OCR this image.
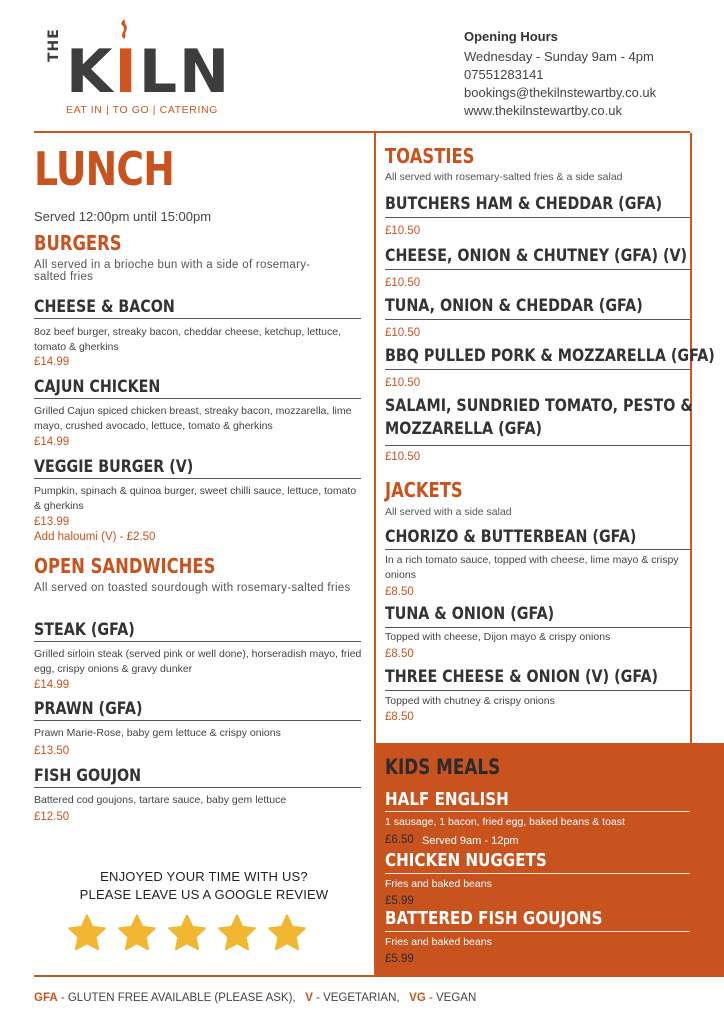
THE KILN
EAT IN | TO GO | CATERING
Opening Hours
Wednesday - Sunday 9am - 4pm
07551283141
bookings@thekilnstewartby.co.uk
www.thekilnstewartby.co.uk
LUNCH
Served 12:00pm until 15:00pm
BURGERS
All served in a brioche bun with a side of rosemary-salted fries
CHEESE & BACON
8oz beef burger, streaky bacon, cheddar cheese, ketchup, lettuce, tomato & gherkins
£14.99
CAJUN CHICKEN
Grilled Cajun spiced chicken breast, streaky bacon, mozzarella, lime mayo, crushed avocado, lettuce, tomato & gherkins
£14.99
VEGGIE BURGER (V)
Pumpkin, spinach & quinoa burger, sweet chilli sauce, lettuce, tomato & gherkins
£13.99
Add haloumi (V) - £2.50
OPEN SANDWICHES
All served on toasted sourdough with rosemary-salted fries
STEAK (GFA)
Grilled sirloin steak (served pink or well done), horseradish mayo, fried egg, crispy onions & gravy dunker
£14.99
PRAWN (GFA)
Prawn Marie-Rose, baby gem lettuce & crispy onions
£13.50
FISH GOUJON
Battered cod goujons, tartare sauce, baby gem lettuce
£12.50
ENJOYED YOUR TIME WITH US?
PLEASE LEAVE US A GOOGLE REVIEW
TOASTIES
All served with rosemary-salted fries & a side salad
BUTCHERS HAM & CHEDDAR (GFA)
£10.50
CHEESE, ONION & CHUTNEY (GFA) (V)
£10.50
TUNA, ONION & CHEDDAR (GFA)
£10.50
BBQ PULLED PORK & MOZZARELLA (GFA)
£10.50
SALAMI, SUNDRIED TOMATO, PESTO &
MOZZARELLA (GFA)
£10.50
JACKETS
All served with a side salad
CHORIZO & BUTTERBEAN (GFA)
In a rich tomato sauce, topped with cheese, lime mayo & crispy onions
£8.50
TUNA & ONION (GFA)
Topped with cheese, Dijon mayo & crispy onions
£8.50
THREE CHEESE & ONION (V) (GFA)
Topped with chutney & crispy onions
£8.50
KIDS MEALS
HALF ENGLISH
1 sausage, 1 bacon, fried egg, baked beans & toast
£6.50 Served 9am - 12pm
CHICKEN NUGGETS
Fries and baked beans
£5.99
BATTERED FISH GOUJONS
Fries and baked beans
£5.99
GFA - GLUTEN FREE AVAILABLE (PLEASE ASK), V - VEGETARIAN, VG - VEGAN
